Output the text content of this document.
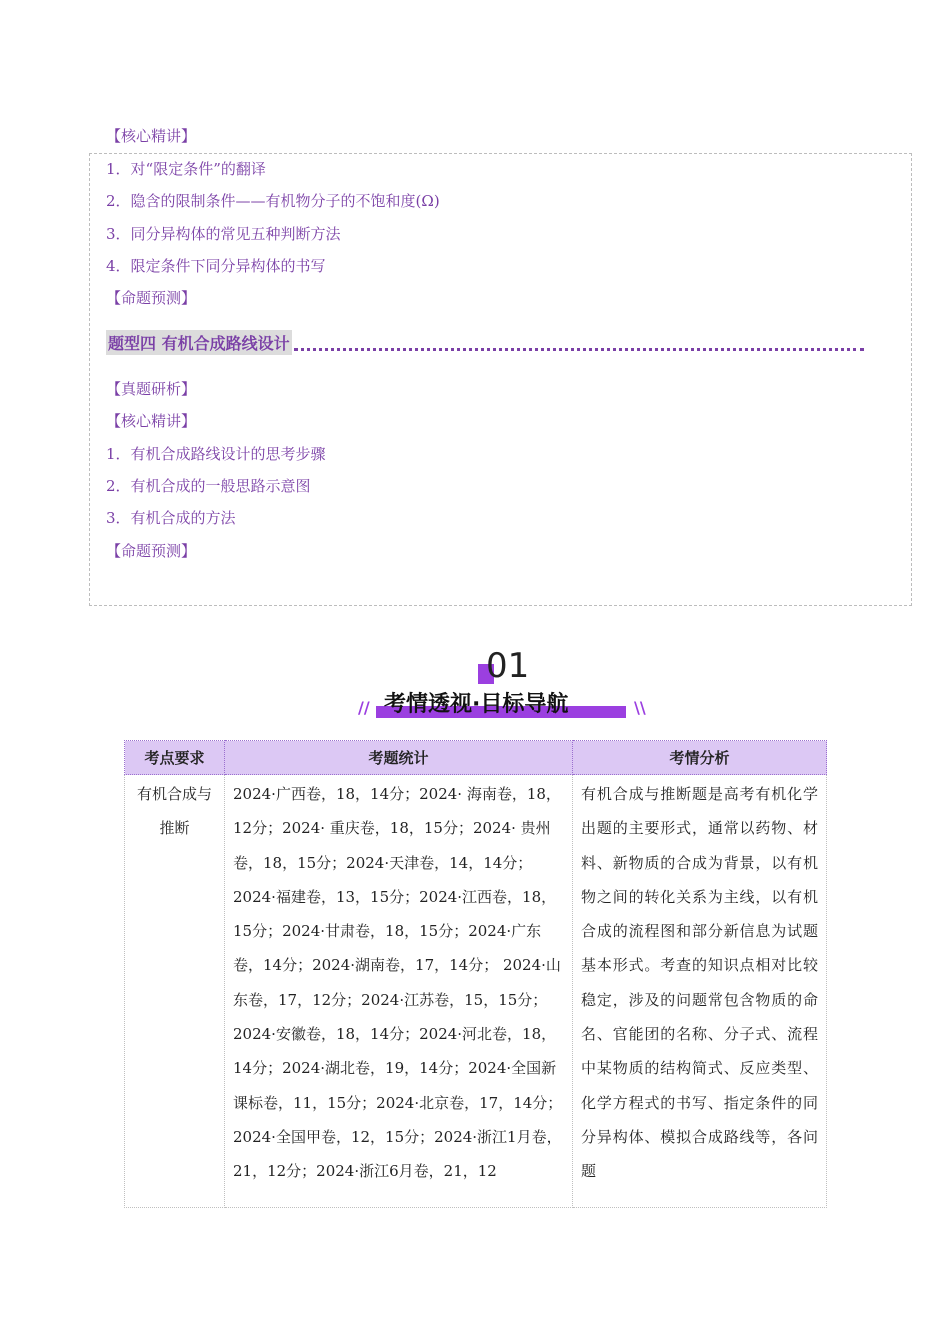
【核心精讲】
1．对“限定条件”的翻译
2．隐含的限制条件——有机物分子的不饱和度(Ω)
3．同分异构体的常见五种判断方法
4．限定条件下同分异构体的书写
【命题预测】
题型四 有机合成路线设计
【真题研析】
【核心精讲】
1．有机合成路线设计的思考步骤
2．有机合成的一般思路示意图
3．有机合成的方法
【命题预测】
01
// 考情透视·目标导航	\\
考点要求	考题统计	考情分析

有机合成与推断	2024·广西卷，18，14分；2024· 海南卷，18，12分；2024· 重庆卷，18，15分；2024· 贵州卷，18，15分；2024·天津卷，14，14分；2024·福建卷，13，15分；2024·江西卷，18，15分；2024·甘肃卷，18，15分；2024·广东卷，14分；2024·湖南卷，17，14分； 2024·山东卷，17，12分；2024·江苏卷，15，15分；2024·安徽卷，18，14分；2024·河北卷，18，14分；2024·湖北卷，19，14分；2024·全国新课标卷，11，15分；2024·北京卷，17，14分；2024·全国甲卷，12，15分；2024·浙江1月卷，21，12分；2024·浙江6月卷，21，12	有机合成与推断题是高考有机化学出题的主要形式，通常以药物、材料、新物质的合成为背景，以有机物之间的转化关系为主线，以有机合成的流程图和部分新信息为试题基本形式。考查的知识点相对比较稳定，涉及的问题常包含物质的命名、官能团的名称、分子式、流程中某物质的结构简式、反应类型、化学方程式的书写、指定条件的同分异构体、模拟合成路线等，各问题
